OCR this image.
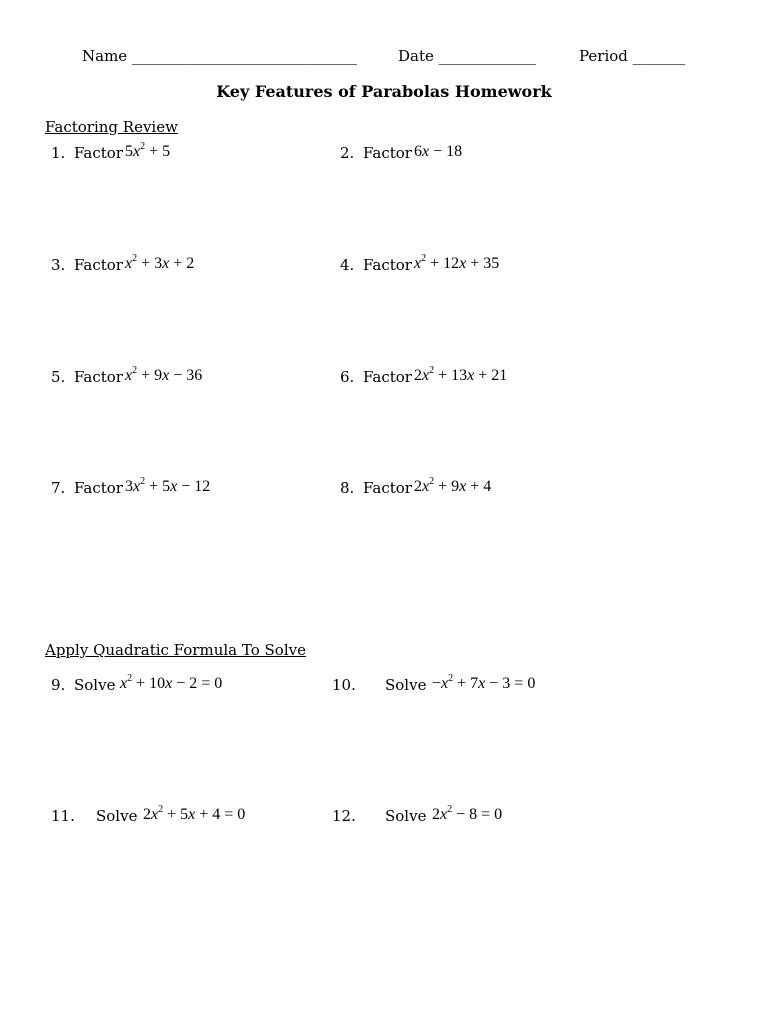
Name ______________________________	Date _____________	Period _______
Key Features of Parabolas Homework
Factoring Review
Apply Quadratic Formula To Solve
1. Factor $5x^2 + 5$	2. Factor 6x − 18
3. Factor $x^2 + 3x + 2$	4. Factor $x^2 + 12x + 35$
5. Factor $x^2 + 9x - 36$	6. Factor $2x^2 + 13x + 21$
7. Factor $3x^2 + 5x - 12$	8. Factor $2x^2 + 9x + 4$
9. Solve $x^2 + 10x - 2 = 0$	10. Solve $-x^2 + 7x - 3 = 0$
11. Solve $2x^2 + 5x + 4 = 0$	12. Solve $2x^2 - 8 = 0$
